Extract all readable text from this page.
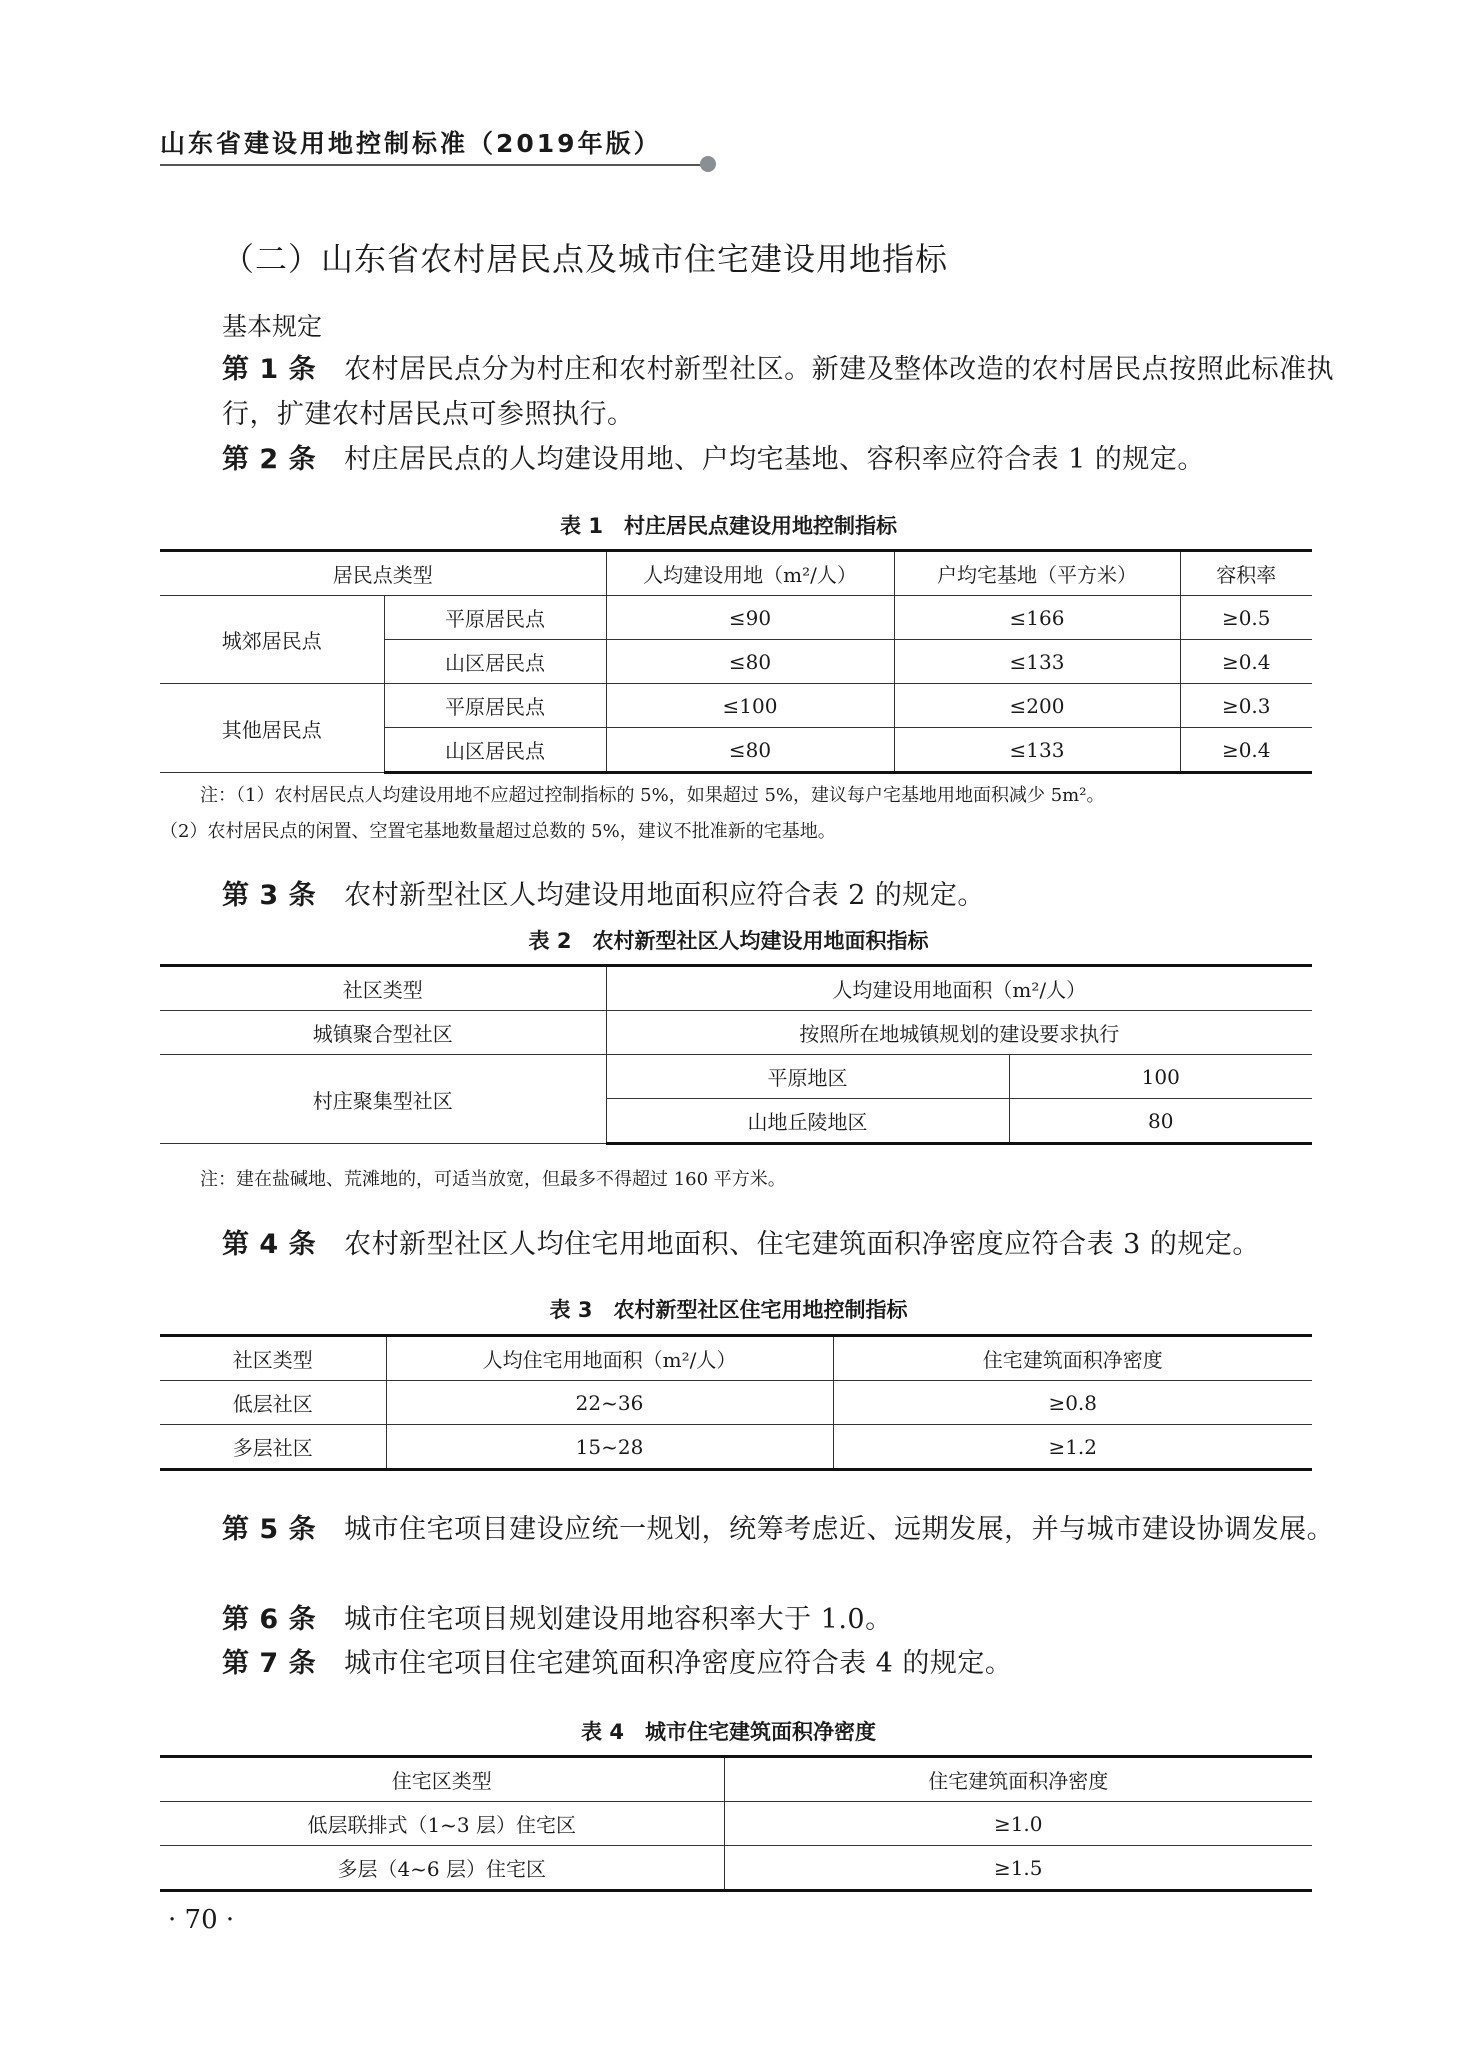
山东省建设用地控制标准（2019年版）
（二）山东省农村居民点及城市住宅建设用地指标
基本规定
第 1 条 农村居民点分为村庄和农村新型社区。新建及整体改造的农村居民点按照此标准执行，扩建农村居民点可参照执行。
第 2 条 村庄居民点的人均建设用地、户均宅基地、容积率应符合表 1 的规定。
表 1　村庄居民点建设用地控制指标
居民点类型		人均建设用地（m²/人）	户均宅基地（平方米）	容积率
城郊居民点	平原居民点	≤90	≤166	≥0.5
	山区居民点	≤80	≤133	≥0.4
其他居民点	平原居民点	≤100	≤200	≥0.3
	山区居民点	≤80	≤133	≥0.4
注：（1）农村居民点人均建设用地不应超过控制指标的 5%，如果超过 5%，建议每户宅基地用地面积减少 5m²。
（2）农村居民点的闲置、空置宅基地数量超过总数的 5%，建议不批准新的宅基地。
第 3 条 农村新型社区人均建设用地面积应符合表 2 的规定。
表 2　农村新型社区人均建设用地面积指标
社区类型	人均建设用地面积（m²/人）	
城镇聚合型社区	按照所在地城镇规划的建设要求执行	
村庄聚集型社区	平原地区	100
	山地丘陵地区	80
注：建在盐碱地、荒滩地的，可适当放宽，但最多不得超过 160 平方米。
第 4 条 农村新型社区人均住宅用地面积、住宅建筑面积净密度应符合表 3 的规定。
表 3　农村新型社区住宅用地控制指标
社区类型	人均住宅用地面积（m²/人）	住宅建筑面积净密度
低层社区	22~36	≥0.8
多层社区	15~28	≥1.2
第 5 条 城市住宅项目建设应统一规划，统筹考虑近、远期发展，并与城市建设协调发展。
第 6 条 城市住宅项目规划建设用地容积率大于 1.0。
第 7 条 城市住宅项目住宅建筑面积净密度应符合表 4 的规定。
表 4　城市住宅建筑面积净密度
住宅区类型	住宅建筑面积净密度
低层联排式（1~3 层）住宅区	≥1.0
多层（4~6 层）住宅区	≥1.5
· 70 ·
